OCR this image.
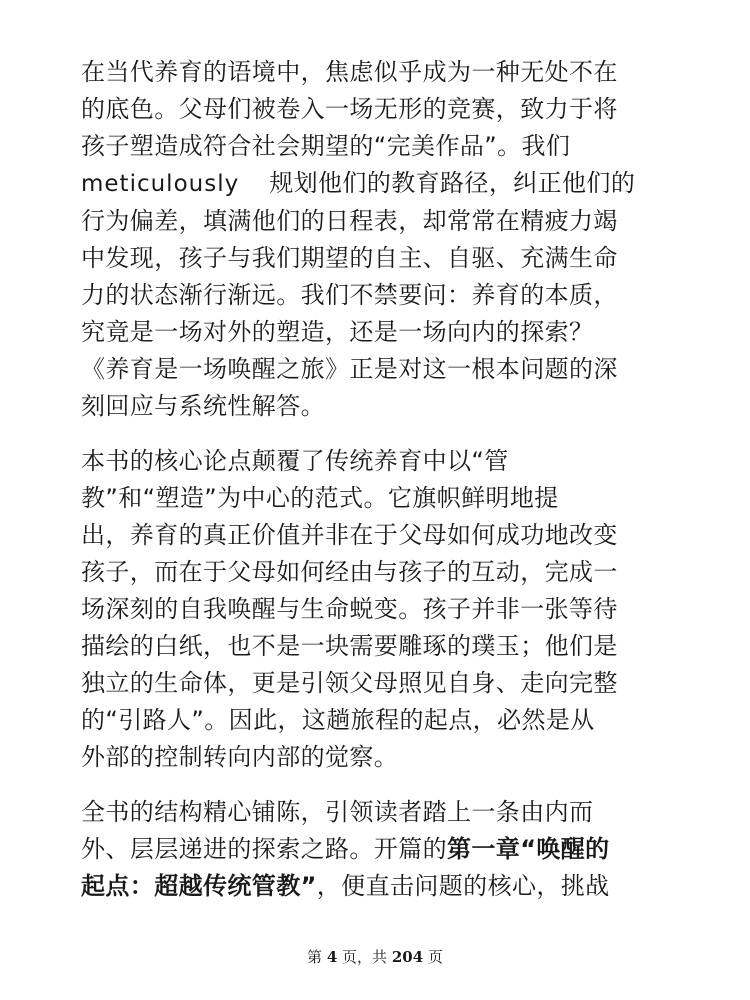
在当代养育的语境中，焦虑似乎成为一种无处不在
的底色。父母们被卷入一场无形的竞赛，致力于将
孩子塑造成符合社会期望的“完美作品”。我们
meticulously 规划他们的教育路径，纠正他们的
行为偏差，填满他们的日程表，却常常在精疲力竭
中发现，孩子与我们期望的自主、自驱、充满生命
力的状态渐行渐远。我们不禁要问：养育的本质，
究竟是一场对外的塑造，还是一场向内的探索？
《养育是一场唤醒之旅》正是对这一根本问题的深
刻回应与系统性解答。

本书的核心论点颠覆了传统养育中以“管
教”和“塑造”为中心的范式。它旗帜鲜明地提
出，养育的真正价值并非在于父母如何成功地改变
孩子，而在于父母如何经由与孩子的互动，完成一
场深刻的自我唤醒与生命蜕变。孩子并非一张等待
描绘的白纸，也不是一块需要雕琢的璞玉；他们是
独立的生命体，更是引领父母照见自身、走向完整
的“引路人”。因此，这趟旅程的起点，必然是从
外部的控制转向内部的觉察。

全书的结构精心铺陈，引领读者踏上一条由内而
外、层层递进的探索之路。开篇的第一章“唤醒的
起点：超越传统管教”，便直击问题的核心，挑战

第 4 页，共 204 页
